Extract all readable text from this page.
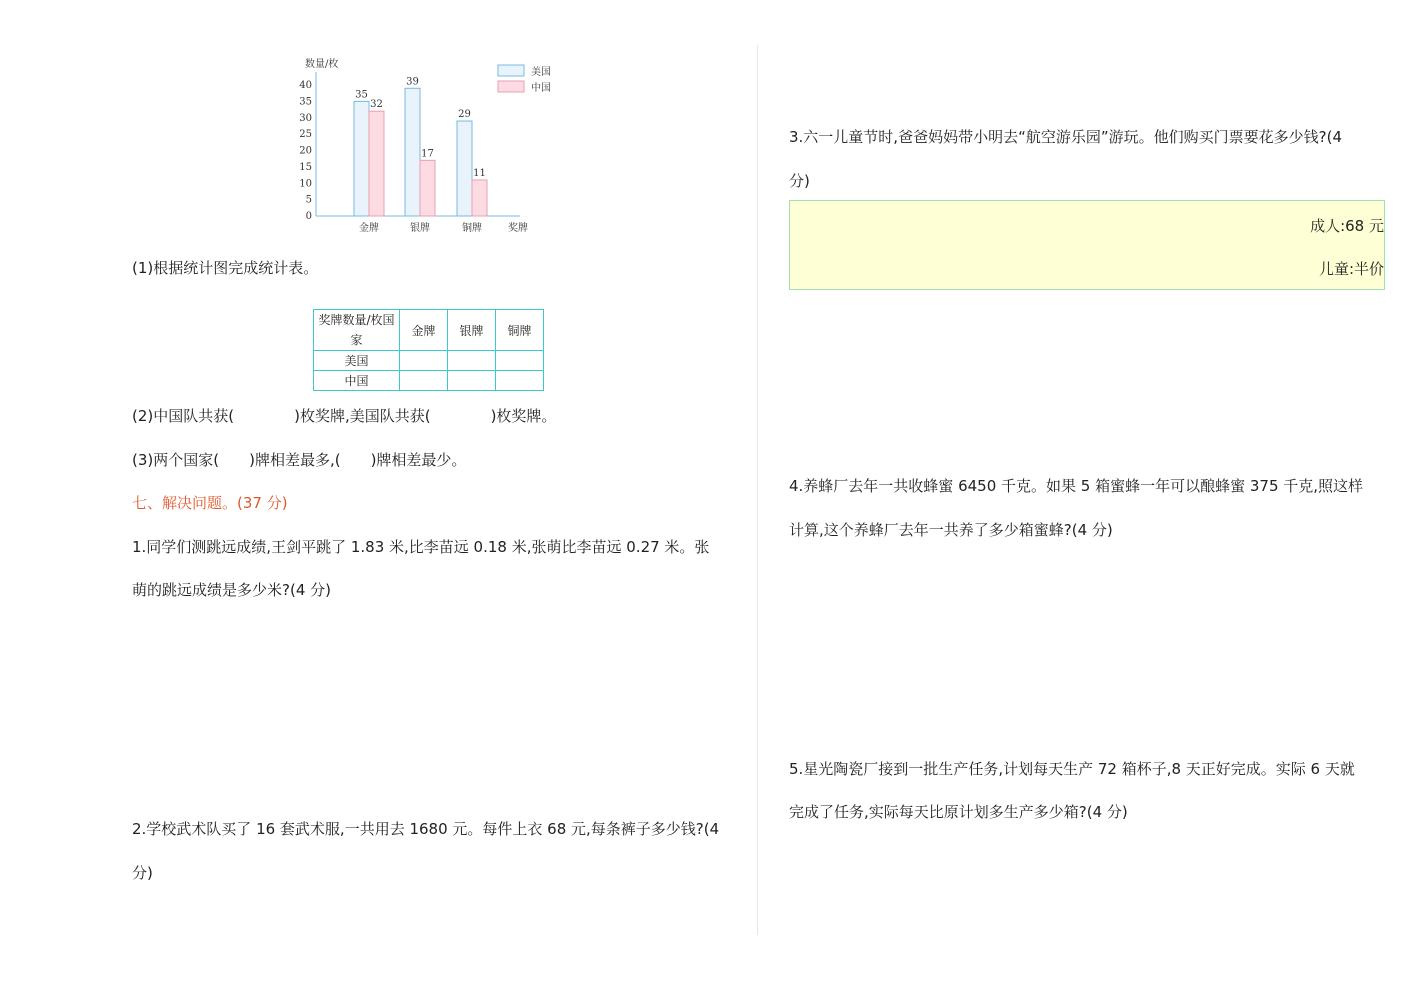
数量/枚
奖牌
0
5
10
15
20
25
30
35
40
金牌	银牌	铜牌
35
32
39
17
29
11
美国
中国
(1)根据统计图完成统计表。
奖牌数量/枚国
家	金牌	银牌	铜牌
美国			
中国			
(2)中国队共获(　　　　)枚奖牌,美国队共获(　　　　)枚奖牌。
(3)两个国家(　　)牌相差最多,(　　)牌相差最少。
七、解决问题。(37 分)
1.同学们测跳远成绩,王剑平跳了 1.83 米,比李苗远 0.18 米,张萌比李苗远 0.27 米。张
萌的跳远成绩是多少米?(4 分)
2.学校武术队买了 16 套武术服,一共用去 1680 元。每件上衣 68 元,每条裤子多少钱?(4
分)
3.六一儿童节时,爸爸妈妈带小明去“航空游乐园”游玩。他们购买门票要花多少钱?(4
分)
成人:68 元
儿童:半价
4.养蜂厂去年一共收蜂蜜 6450 千克。如果 5 箱蜜蜂一年可以酿蜂蜜 375 千克,照这样
计算,这个养蜂厂去年一共养了多少箱蜜蜂?(4 分)
5.星光陶瓷厂接到一批生产任务,计划每天生产 72 箱杯子,8 天正好完成。实际 6 天就
完成了任务,实际每天比原计划多生产多少箱?(4 分)
